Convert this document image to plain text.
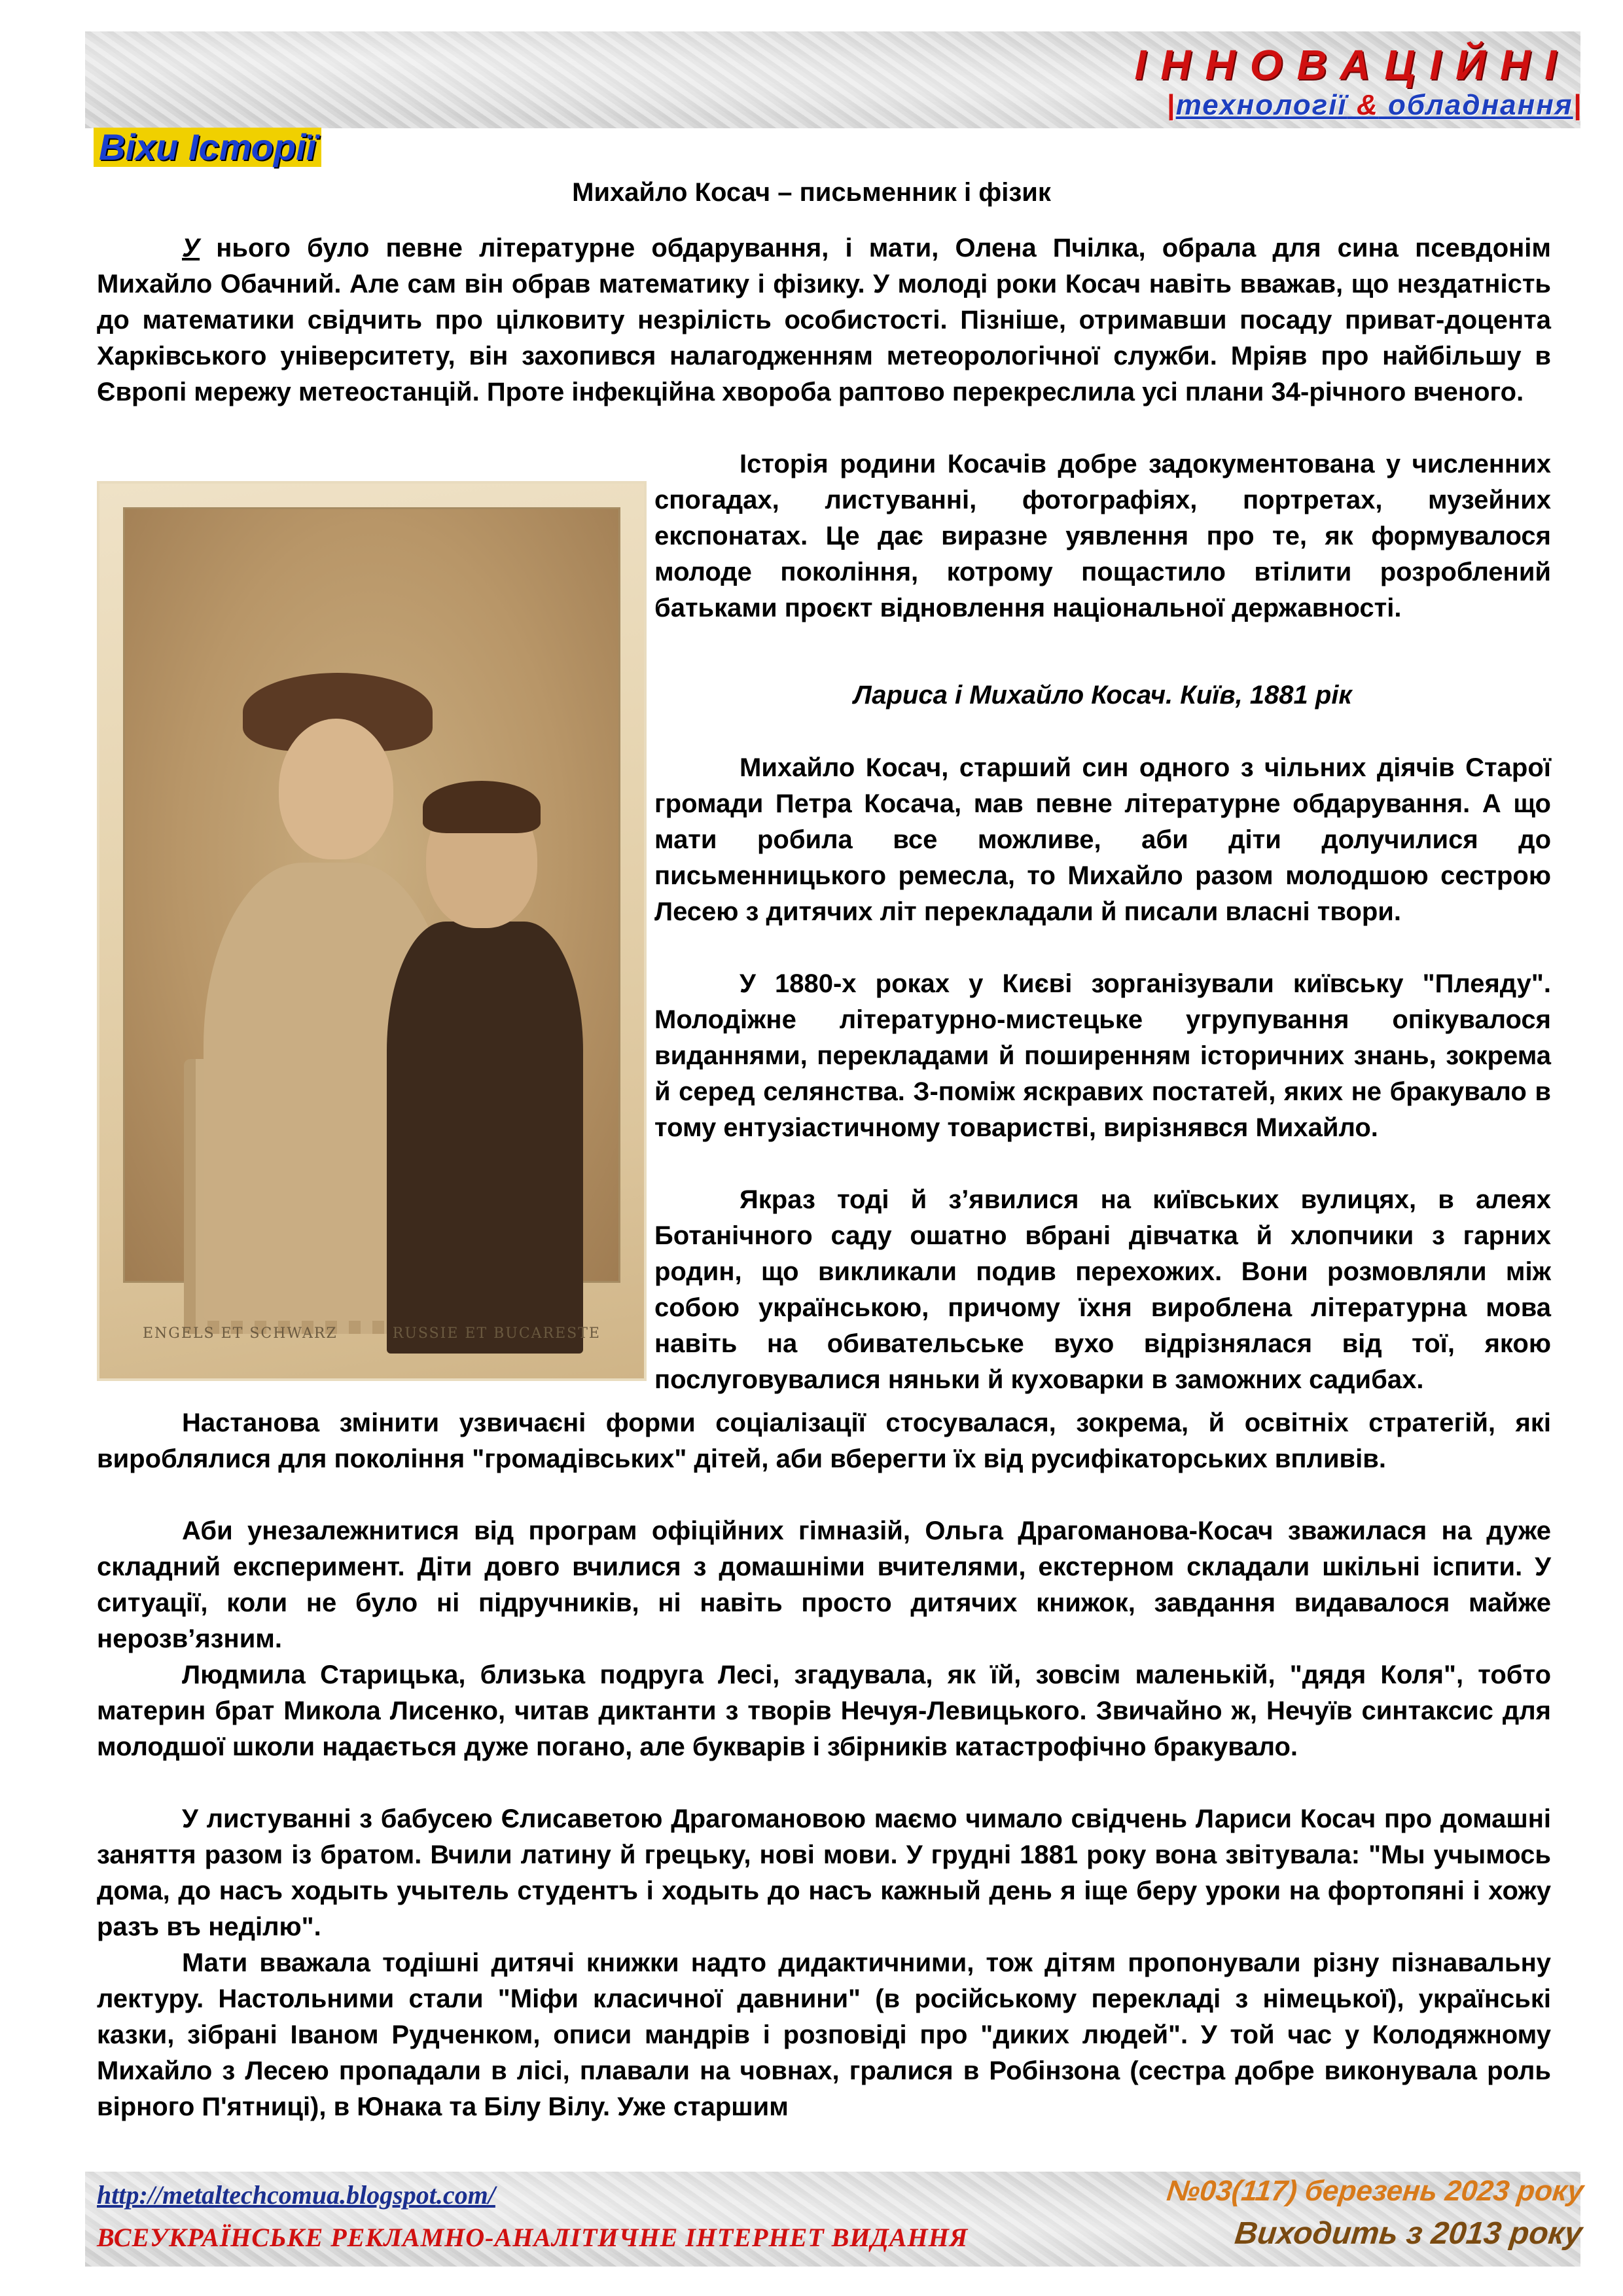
ІННОВАЦІЙНІ
|технології & обладнання|
Віхи Історії
Михайло Косач – письменник і фізик

У нього було певне літературне обдарування, і мати, Олена Пчілка, обрала для сина псевдонім Михайло Обачний. Але сам він обрав математику і фізику. У молоді роки Косач навіть вважав, що нездатність до математики свідчить про цілковиту незрілість особистості. Пізніше, отримавши посаду приват-доцента Харківського університету, він захопився налагодженням метеорологічної служби. Мріяв про найбільшу в Європі мережу метеостанцій. Проте інфекційна хвороба раптово перекреслила усі плани 34-річного вченого.

ENGELS ET SCHWARZ	RUSSIE ET BUCARESTE

Історія родини Косачів добре задокументована у численних спогадах, листуванні, фотографіях, портретах, музейних експонатах. Це дає виразне уявлення про те, як формувалося молоде покоління, котрому пощастило втілити розроблений батьками проєкт відновлення національної державності.

Лариса і Михайло Косач. Київ, 1881 рік

Михайло Косач, старший син одного з чільних діячів Старої громади Петра Косача, мав певне літературне обдарування. А що мати робила все можливе, аби діти долучилися до письменницького ремесла, то Михайло разом молодшою сестрою Лесею з дитячих літ перекладали й писали власні твори.

У 1880-х роках у Києві зорганізували київську "Плеяду". Молодіжне літературно-мистецьке угрупування опікувалося виданнями, перекладами й поширенням історичних знань, зокрема й серед селянства. З-поміж яскравих постатей, яких не бракувало в тому ентузіастичному товаристві, вирізнявся Михайло.

Якраз тоді й з’явилися на київських вулицях, в алеях Ботанічного саду ошатно вбрані дівчатка й хлопчики з гарних родин, що викликали подив перехожих. Вони розмовляли між собою українською, причому їхня вироблена літературна мова навіть на обивательське вухо відрізнялася від тої, якою послуговувалися няньки й куховарки в заможних садибах.

Настанова змінити узвичаєні форми соціалізації стосувалася, зокрема, й освітніх стратегій, які вироблялися для покоління "громадівських" дітей, аби вберегти їх від русифікаторських впливів.

Аби унезалежнитися від програм офіційних гімназій, Ольга Драгоманова-Косач зважилася на дуже складний експеримент. Діти довго вчилися з домашніми вчителями, екстерном складали шкільні іспити. У ситуації, коли не було ні підручників, ні навіть просто дитячих книжок, завдання видавалося майже нерозв’язним.

Людмила Старицька, близька подруга Лесі, згадувала, як їй, зовсім маленькій, "дядя Коля", тобто материн брат Микола Лисенко, читав диктанти з творів Нечуя-Левицького. Звичайно ж, Нечуїв синтаксис для молодшої школи надається дуже погано, але букварів і збірників катастрофічно бракувало.

У листуванні з бабусею Єлисаветою Драгомановою маємо чимало свідчень Лариси Косач про домашні заняття разом із братом. Вчили латину й грецьку, нові мови. У грудні 1881 року вона звітувала: "Мы учымось дома, до насъ ходыть учытель студентъ і ходыть до насъ кажный день я іще беру уроки на фортопяні і хожу разъ въ неділю".

Мати вважала тодішні дитячі книжки надто дидактичними, тож дітям пропонували різну пізнавальну лектуру. Настольними стали "Міфи класичної давнини" (в російському перекладі з німецької), українські казки, зібрані Іваном Рудченком, описи мандрів і розповіді про "диких людей". У той час у Колодяжному Михайло з Лесею пропадали в лісі, плавали на човнах, гралися в Робінзона (сестра добре виконувала роль вірного П'ятниці), в Юнака та Білу Вілу. Уже старшим

http://metaltechcomua.blogspot.com/
ВСЕУКРАЇНСЬКЕ РЕКЛАМНО-АНАЛІТИЧНЕ ІНТЕРНЕТ ВИДАННЯ
№03(117) березень 2023 року
Виходить з 2013 року
